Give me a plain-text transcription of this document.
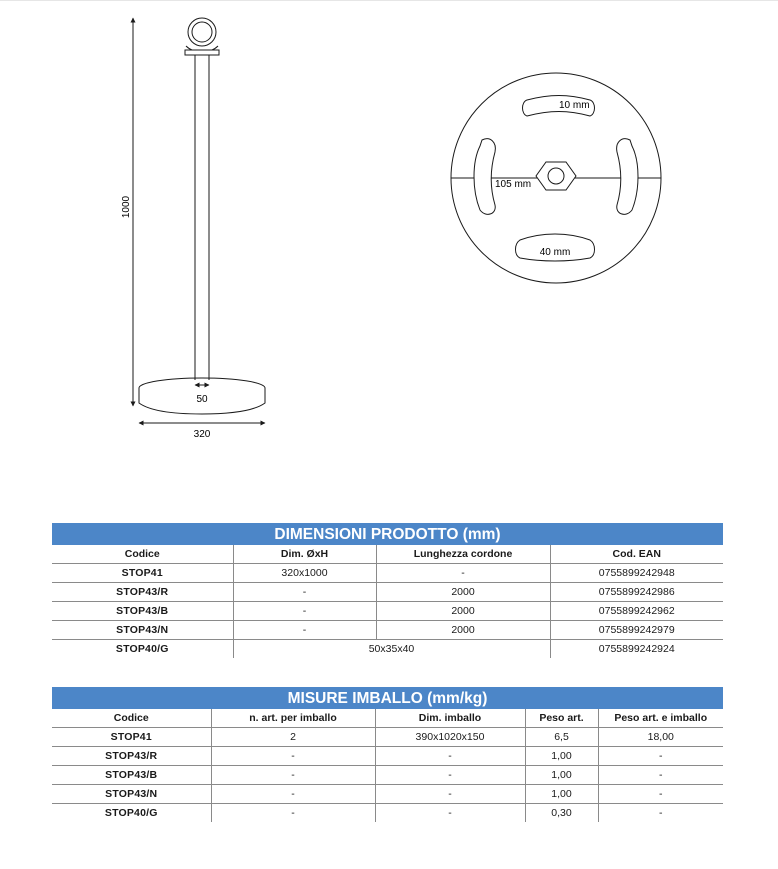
1000
50
320
10 mm
105 mm
40 mm
DIMENSIONI PRODOTTO (mm)
Codice	Dim. ØxH	Lunghezza cordone	Cod. EAN
STOP41	320x1000	-	0755899242948
STOP43/R	-	2000	0755899242986
STOP43/B	-	2000	0755899242962
STOP43/N	-	2000	0755899242979
STOP40/G	50x35x40		0755899242924
MISURE IMBALLO (mm/kg)
Codice	n. art. per imballo	Dim. imballo	Peso art.	Peso art. e imballo
STOP41	2	390x1020x150	6,5	18,00
STOP43/R	-	-	1,00	-
STOP43/B	-	-	1,00	-
STOP43/N	-	-	1,00	-
STOP40/G	-	-	0,30	-
